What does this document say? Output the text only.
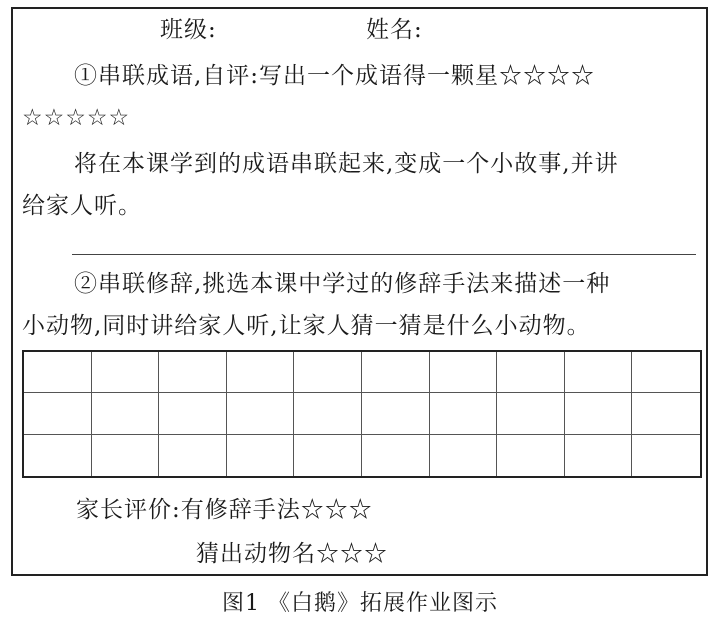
班级:	姓名:
①串联成语,自评:写出一个成语得一颗星☆☆☆☆
☆☆☆☆☆
将在本课学到的成语串联起来,变成一个小故事,并讲
给家人听。
②串联修辞,挑选本课中学过的修辞手法来描述一种
小动物,同时讲给家人听,让家人猜一猜是什么小动物。
家长评价:有修辞手法☆☆☆
猜出动物名☆☆☆
图1 《白鹅》拓展作业图示
